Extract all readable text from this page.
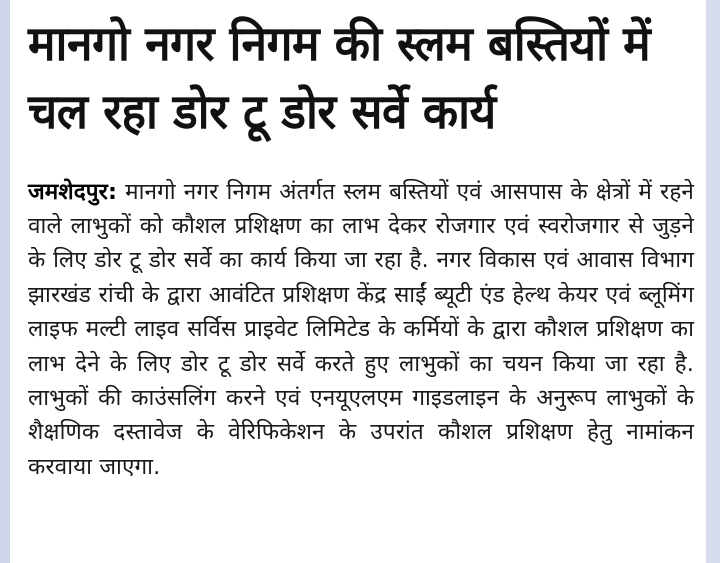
मानगो नगर निगम की स्लम बस्तियों में चल रहा डोर टू डोर सर्वे कार्य

जमशेदपुर: मानगो नगर निगम अंतर्गत स्लम बस्तियों एवं आसपास के क्षेत्रों में रहने वाले लाभुकों को कौशल प्रशिक्षण का लाभ देकर रोजगार एवं स्वरोजगार से जुड़ने के लिए डोर टू डोर सर्वे का कार्य किया जा रहा है. नगर विकास एवं आवास विभाग झारखंड रांची के द्वारा आवंटित प्रशिक्षण केंद्र साईं ब्यूटी एंड हेल्थ केयर एवं ब्लूमिंग लाइफ मल्टी लाइव सर्विस प्राइवेट लिमिटेड के कर्मियों के द्वारा कौशल प्रशिक्षण का लाभ देने के लिए डोर टू डोर सर्वे करते हुए लाभुकों का चयन किया जा रहा है. लाभुकों की काउंसलिंग करने एवं एनयूएलएम गाइडलाइन के अनुरूप लाभुकों के शैक्षणिक दस्तावेज के वेरिफिकेशन के उपरांत कौशल प्रशिक्षण हेतु नामांकन करवाया जाएगा.
